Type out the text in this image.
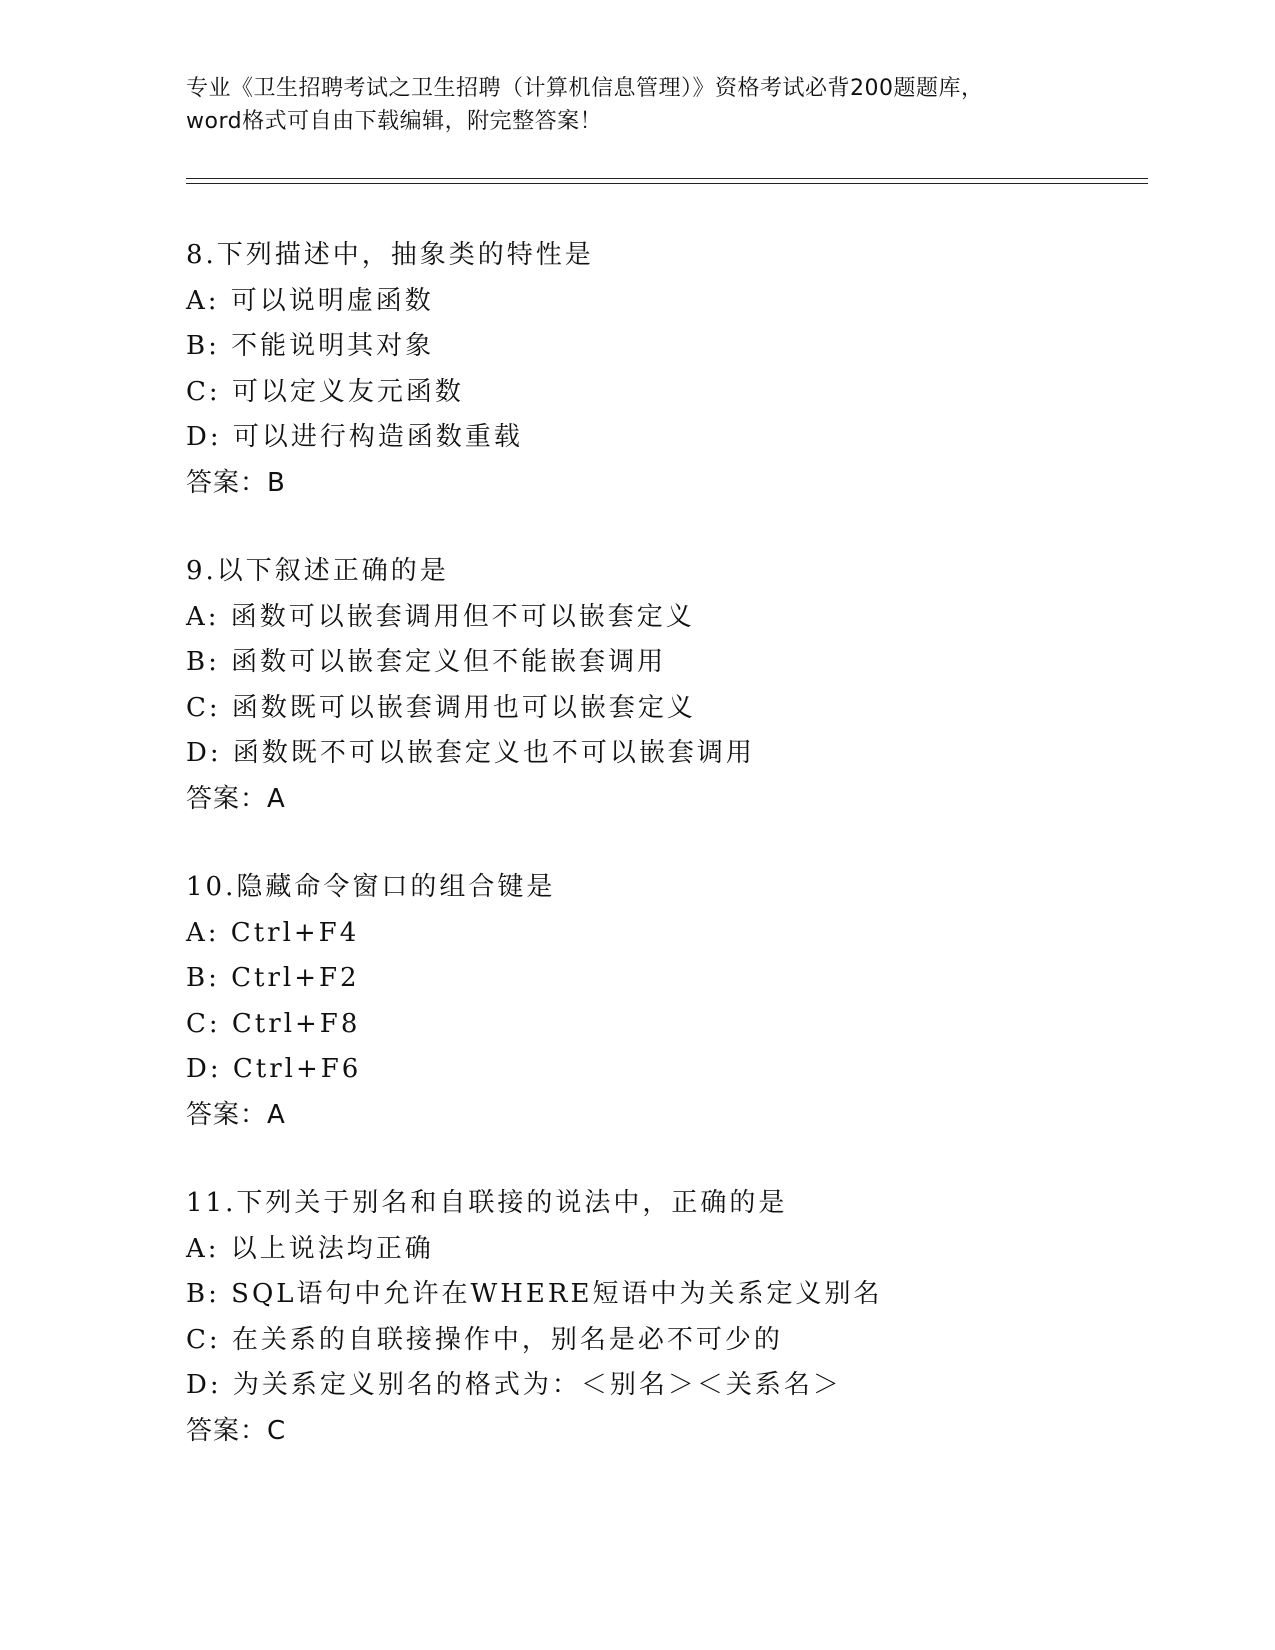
专业《卫生招聘考试之卫生招聘（计算机信息管理）》资格考试必背200题题库，
word格式可自由下载编辑，附完整答案！
8.下列描述中，抽象类的特性是
A: 可以说明虚函数
B: 不能说明其对象
C: 可以定义友元函数
D: 可以进行构造函数重载
答案：B
9.以下叙述正确的是
A: 函数可以嵌套调用但不可以嵌套定义
B: 函数可以嵌套定义但不能嵌套调用
C: 函数既可以嵌套调用也可以嵌套定义
D: 函数既不可以嵌套定义也不可以嵌套调用
答案：A
10.隐藏命令窗口的组合键是
A: Ctrl+F4
B: Ctrl+F2
C: Ctrl+F8
D: Ctrl+F6
答案：A
11.下列关于别名和自联接的说法中，正确的是
A: 以上说法均正确
B: SQL语句中允许在WHERE短语中为关系定义别名
C: 在关系的自联接操作中，别名是必不可少的
D: 为关系定义别名的格式为：＜别名＞＜关系名＞
答案：C
